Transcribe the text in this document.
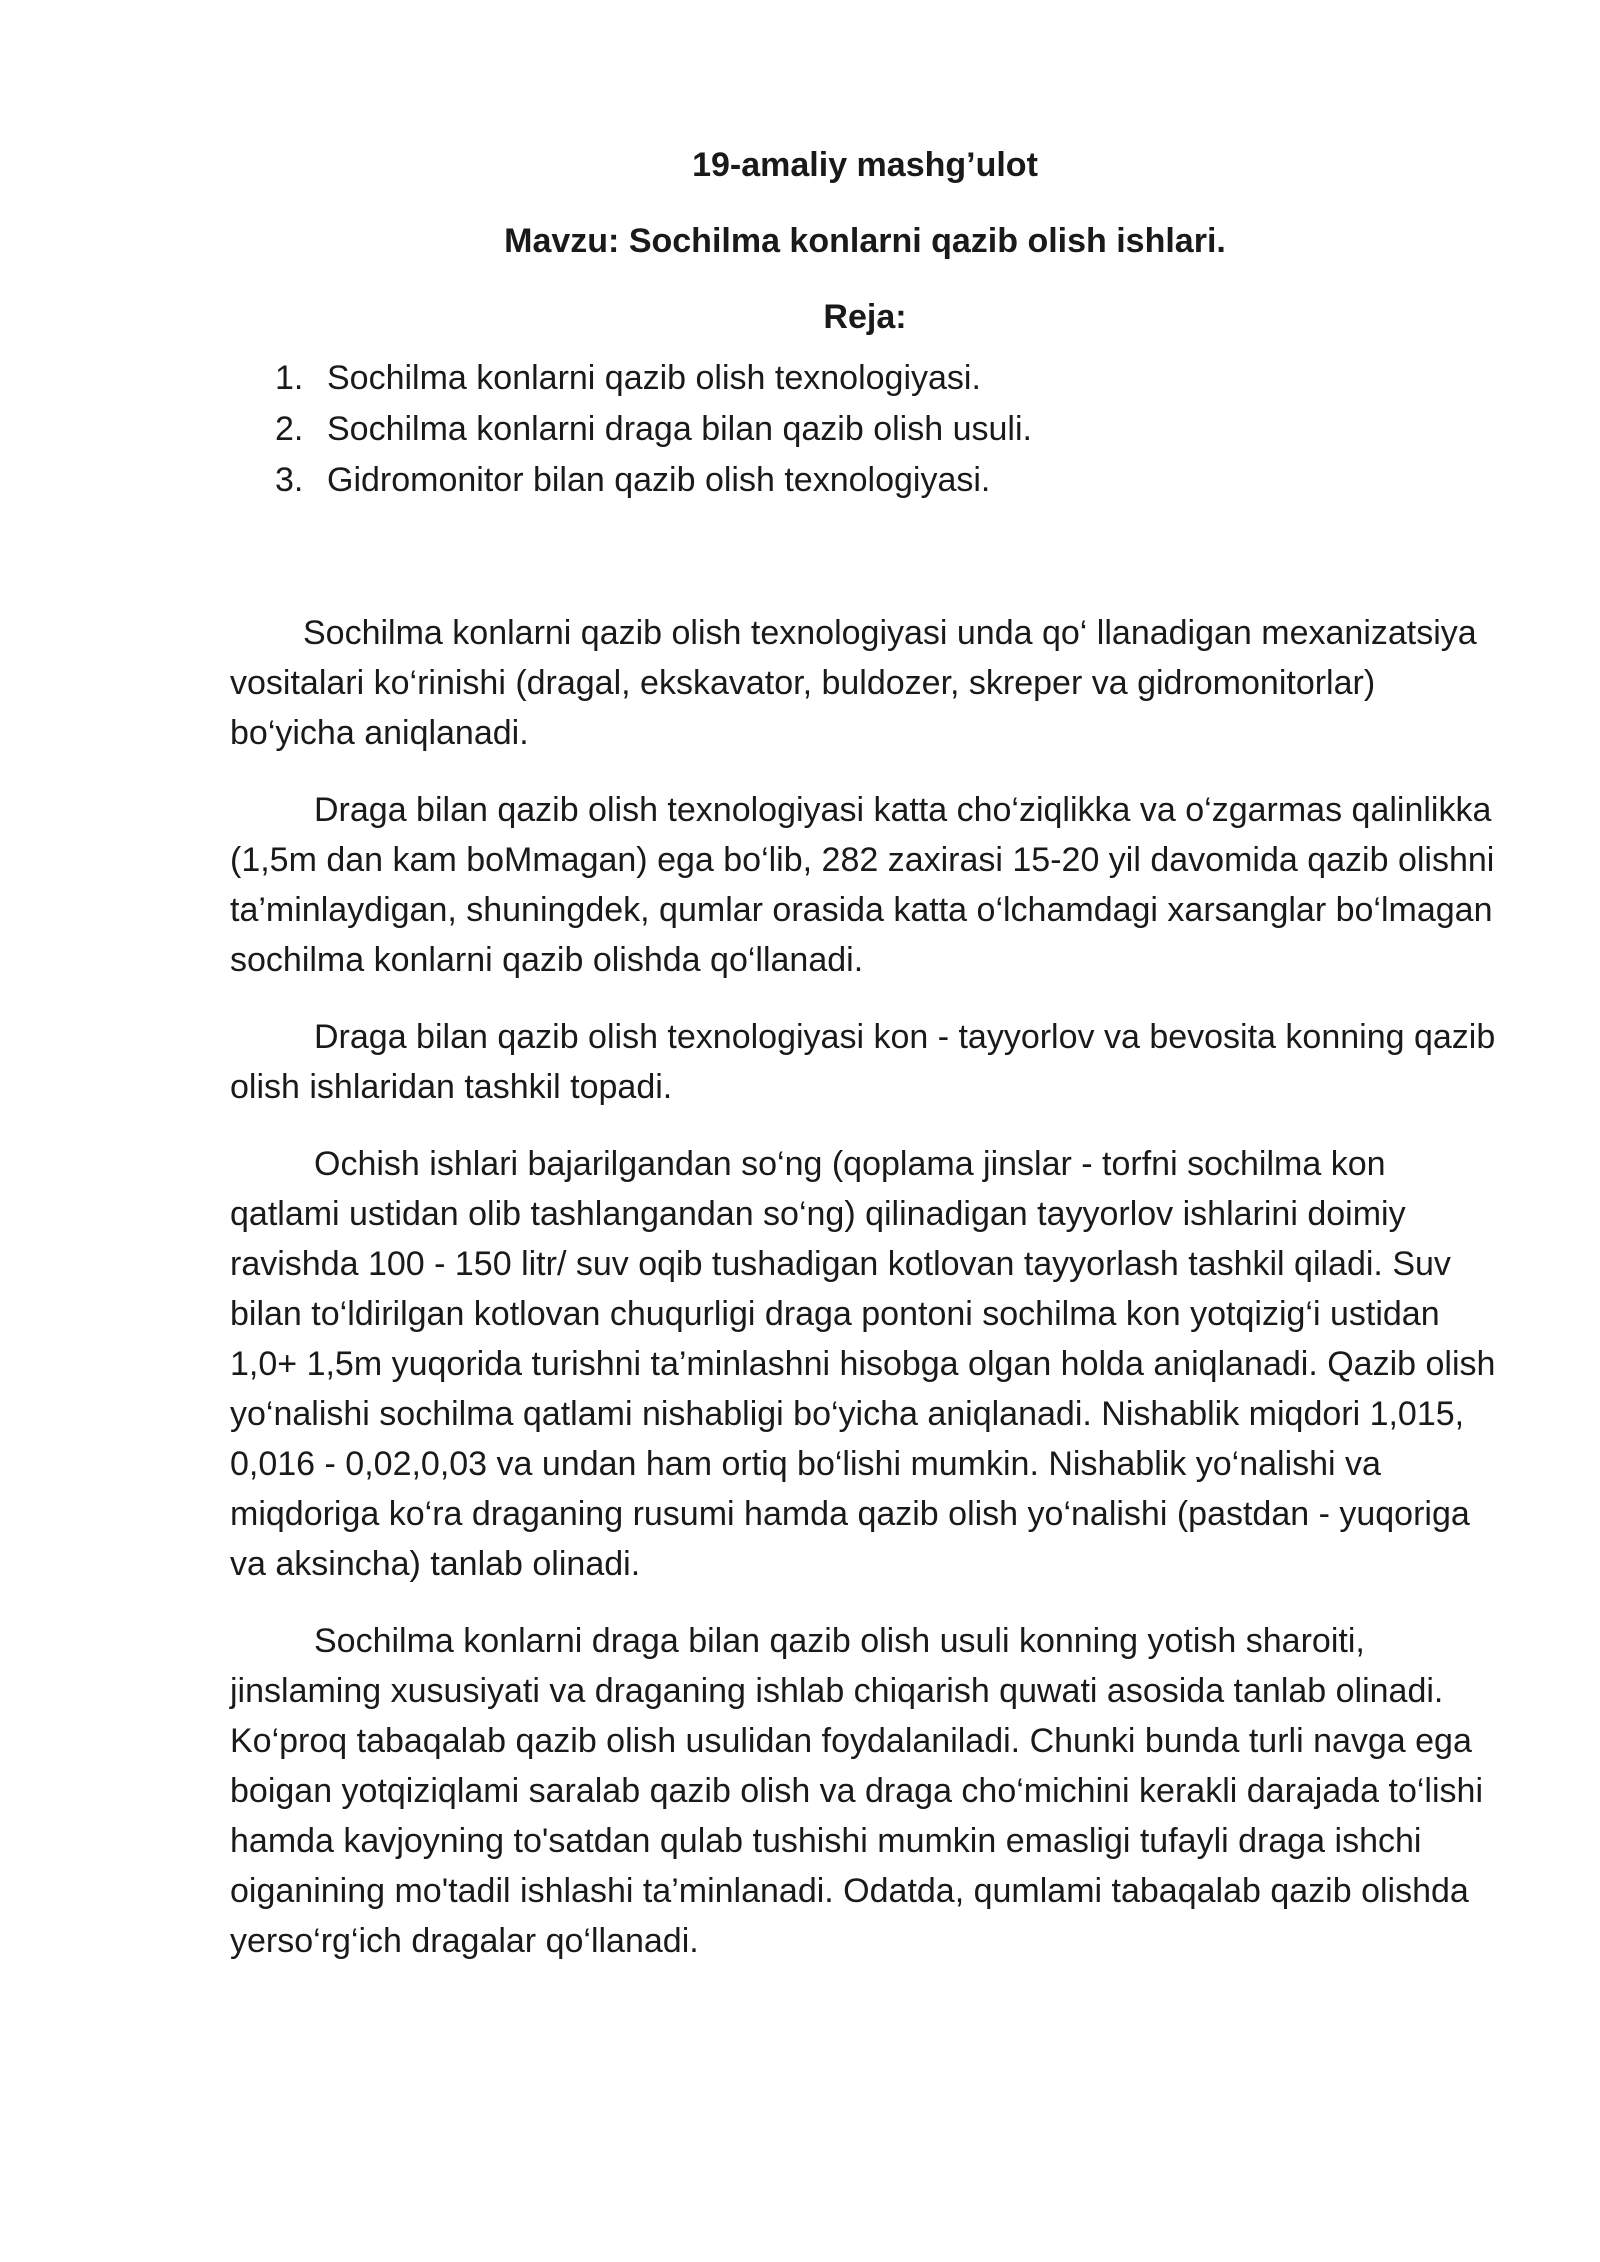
19-amaliy mashg’ulot
Mavzu: Sochilma konlarni qazib olish ishlari.
Reja:
1. Sochilma konlarni qazib olish texnologiyasi.
2. Sochilma konlarni draga bilan qazib olish usuli.
3. Gidromonitor bilan qazib olish texnologiyasi.

Sochilma konlarni qazib olish texnologiyasi unda qo‘ llanadigan mexanizatsiya vositalari ko‘rinishi (dragal, ekskavator, buldozer, skreper va gidromonitorlar) bo‘yicha aniqlanadi.

Draga bilan qazib olish texnologiyasi katta cho‘ziqlikka va o‘zgarmas qalinlikka (1,5m dan kam boMmagan) ega bo‘lib, 282 zaxirasi 15-20 yil davomida qazib olishni ta’minlaydigan, shuningdek, qumlar orasida katta o‘lchamdagi xarsanglar bo‘lmagan sochilma konlarni qazib olishda qo‘llanadi.

Draga bilan qazib olish texnologiyasi kon - tayyorlov va bevosita konning qazib olish ishlaridan tashkil topadi.

Ochish ishlari bajarilgandan so‘ng (qoplama jinslar - torfni sochilma kon qatlami ustidan olib tashlangandan so‘ng) qilinadigan tayyorlov ishlarini doimiy ravishda 100 - 150 litr/ suv oqib tushadigan kotlovan tayyorlash tashkil qiladi. Suv bilan to‘ldirilgan kotlovan chuqurligi draga pontoni sochilma kon yotqizig‘i ustidan 1,0+ 1,5m yuqorida turishni ta’minlashni hisobga olgan holda aniqlanadi. Qazib olish yo‘nalishi sochilma qatlami nishabligi bo‘yicha aniqlanadi. Nishablik miqdori 1,015, 0,016 - 0,02,0,03 va undan ham ortiq bo‘lishi mumkin. Nishablik yo‘nalishi va miqdoriga ko‘ra draganing rusumi hamda qazib olish yo‘nalishi (pastdan - yuqoriga va aksincha) tanlab olinadi.

Sochilma konlarni draga bilan qazib olish usuli konning yotish sharoiti, jinslaming xususiyati va draganing ishlab chiqarish quwati asosida tanlab olinadi. Ko‘proq tabaqalab qazib olish usulidan foydalaniladi. Chunki bunda turli navga ega boigan yotqiziqlami saralab qazib olish va draga cho‘michini kerakli darajada to‘lishi hamda kavjoyning to'satdan qulab tushishi mumkin emasligi tufayli draga ishchi oiganining mo'tadil ishlashi ta’minlanadi. Odatda, qumlami tabaqalab qazib olishda yerso‘rg‘ich dragalar qo‘llanadi.
